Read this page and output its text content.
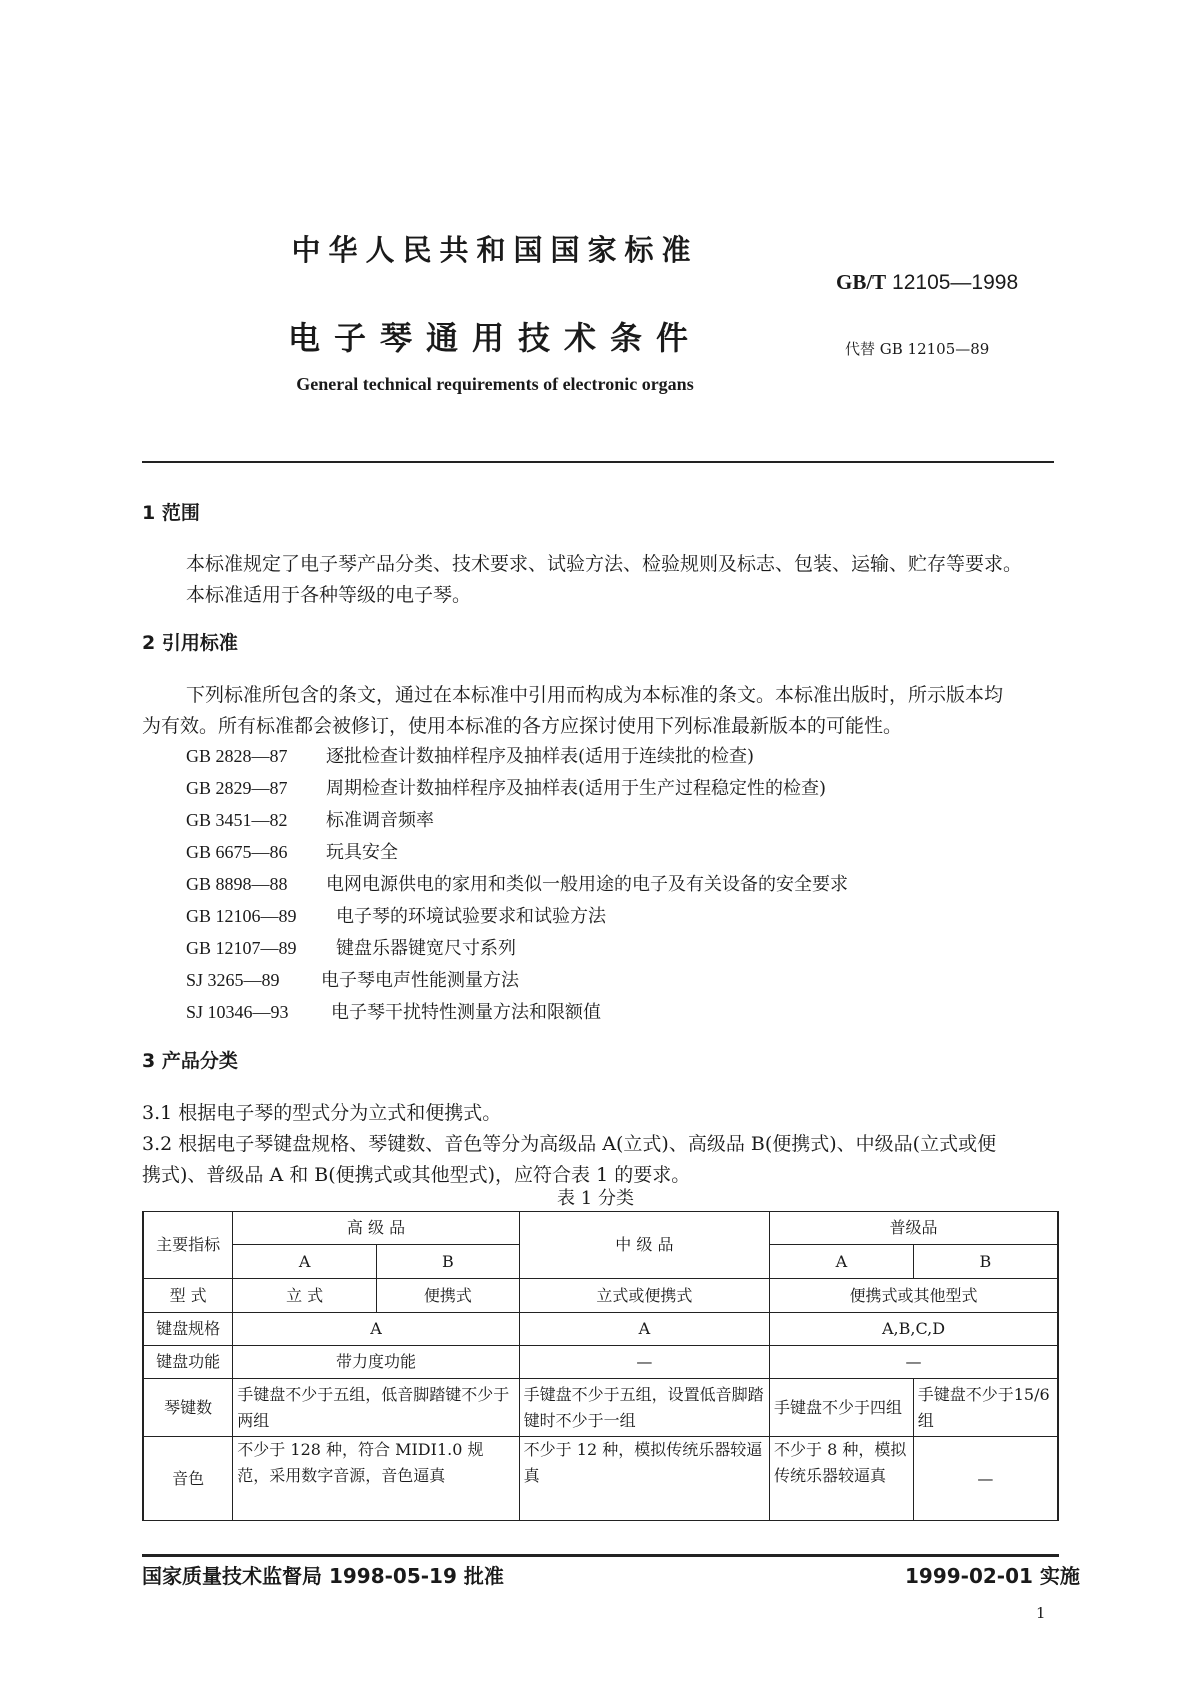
中华人民共和国国家标准
GB/T 12105—1998
电子琴通用技术条件	代替 GB 12105—89
General technical requirements of electronic organs
1 范围
本标准规定了电子琴产品分类、技术要求、试验方法、检验规则及标志、包装、运输、贮存等要求。
本标准适用于各种等级的电子琴。
2 引用标准
下列标准所包含的条文，通过在本标准中引用而构成为本标准的条文。本标准出版时，所示版本均
为有效。所有标准都会被修订，使用本标准的各方应探讨使用下列标准最新版本的可能性。
GB 2828—87 逐批检查计数抽样程序及抽样表(适用于连续批的检查)
GB 2829—87 周期检查计数抽样程序及抽样表(适用于生产过程稳定性的检查)
GB 3451—82 标准调音频率
GB 6675—86 玩具安全
GB 8898—88 电网电源供电的家用和类似一般用途的电子及有关设备的安全要求
GB 12106—89 电子琴的环境试验要求和试验方法
GB 12107—89 键盘乐器键宽尺寸系列
SJ 3265—89 电子琴电声性能测量方法
SJ 10346—93 电子琴干扰特性测量方法和限额值
3 产品分类
3.1 根据电子琴的型式分为立式和便携式。
3.2 根据电子琴键盘规格、琴键数、音色等分为高级品 A(立式)、高级品 B(便携式)、中级品(立式或便
携式)、普级品 A 和 B(便携式或其他型式)，应符合表 1 的要求。
表 1 分类
主要指标	高 级 品		中 级 品	普级品	
	A	B		A	B
型 式	立 式	便携式	立式或便携式	便携式或其他型式	
键盘规格	A		A	A,B,C,D	
键盘功能	带力度功能		—	—	
琴键数	手键盘不少于五组，低音脚踏键不少于两组		手键盘不少于五组，设置低音脚踏键时不少于一组	手键盘不少于四组	手键盘不少于15/6组
音色	不少于 128 种，符合 MIDI1.0 规范，采用数字音源，音色逼真		不少于 12 种，模拟传统乐器较逼真	不少于 8 种，模拟传统乐器较逼真	—
国家质量技术监督局 1998-05-19 批准	1999-02-01 实施
1
